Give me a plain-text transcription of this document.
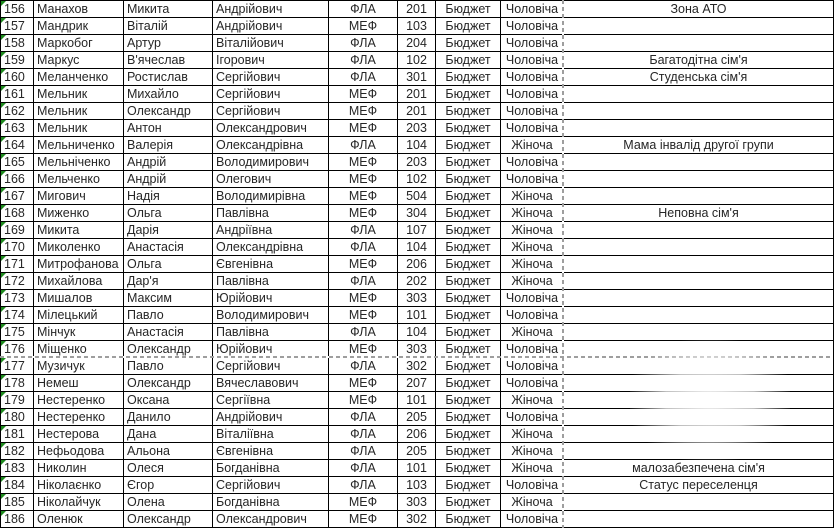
156	Манахов	Микита	Андрійович	ФЛА	201	Бюджет	Чоловіча	Зона АТО

157	Мандрик	Віталій	Андрійович	МЕФ	103	Бюджет	Чоловіча	

158	Маркобог	Артур	Віталійович	ФЛА	204	Бюджет	Чоловіча	

159	Маркус	В'ячеслав	Ігорович	ФЛА	102	Бюджет	Чоловіча	Багатодітна сім'я

160	Меланченко	Ростислав	Сергійович	ФЛА	301	Бюджет	Чоловіча	Студенська сім'я

161	Мельник	Михайло	Сергійович	МЕФ	201	Бюджет	Чоловіча	

162	Мельник	Олександр	Сергійович	МЕФ	201	Бюджет	Чоловіча	

163	Мельник	Антон	Олександрович	МЕФ	203	Бюджет	Чоловіча	

164	Мельниченко	Валерія	Олександрівна	ФЛА	104	Бюджет	Жіноча	Мама інвалід другої групи

165	Мельніченко	Андрій	Володимирович	МЕФ	203	Бюджет	Чоловіча	

166	Мельченко	Андрій	Олегович	МЕФ	102	Бюджет	Чоловіча	

167	Мигович	Надія	Володимирівна	МЕФ	504	Бюджет	Жіноча	

168	Миженко	Ольга	Павлівна	МЕФ	304	Бюджет	Жіноча	Неповна сім'я

169	Микита	Дарія	Андріївна	ФЛА	107	Бюджет	Жіноча	

170	Миколенко	Анастасія	Олександрівна	ФЛА	104	Бюджет	Жіноча	

171	Митрофанова	Ольга	Євгенівна	МЕФ	206	Бюджет	Жіноча	

172	Михайлова	Дар'я	Павлівна	ФЛА	202	Бюджет	Жіноча	

173	Мишалов	Максим	Юрійович	МЕФ	303	Бюджет	Чоловіча	

174	Мілецький	Павло	Володимирович	МЕФ	101	Бюджет	Чоловіча	

175	Мінчук	Анастасія	Павлівна	ФЛА	104	Бюджет	Жіноча	

176	Міщенко	Олександр	Юрійович	МЕФ	303	Бюджет	Чоловіча	

177	Музичук	Павло	Сергійович	ФЛА	302	Бюджет	Чоловіча	

178	Немеш	Олександр	Вячеславович	МЕФ	207	Бюджет	Чоловіча	

179	Нестеренко	Оксана	Сергіївна	МЕФ	101	Бюджет	Жіноча	

180	Нестеренко	Данило	Андрійович	ФЛА	205	Бюджет	Чоловіча	

181	Нестерова	Дана	Віталіївна	ФЛА	206	Бюджет	Жіноча	

182	Нефьодова	Альона	Євгенівна	ФЛА	205	Бюджет	Жіноча	

183	Николин	Олеся	Богданівна	ФЛА	101	Бюджет	Жіноча	малозабезпечена сім'я

184	Ніколаєнко	Єгор	Сергійович	ФЛА	103	Бюджет	Чоловіча	Статус переселенця

185	Ніколайчук	Олена	Богданівна	МЕФ	303	Бюджет	Жіноча	

186	Оленюк	Олександр	Олександрович	МЕФ	302	Бюджет	Чоловіча	
